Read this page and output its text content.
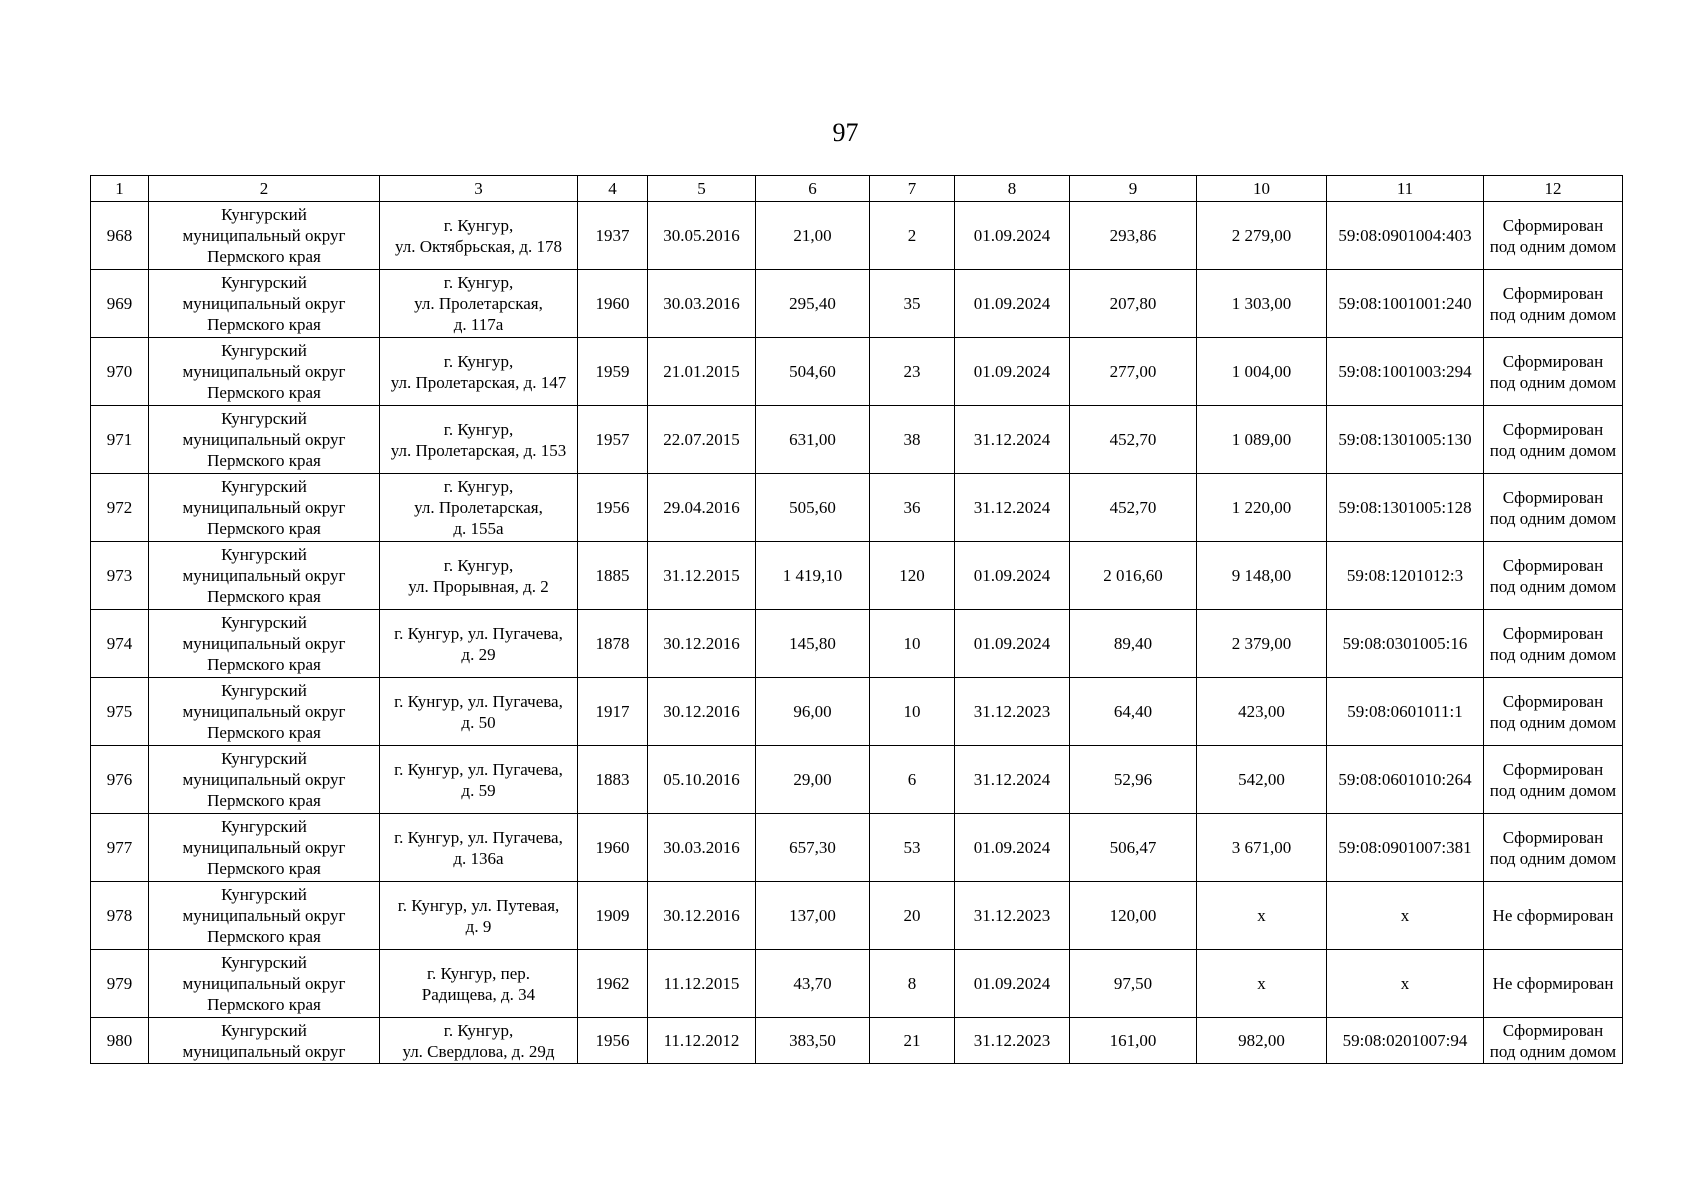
97
1	2	3	4	5	6	7	8	9	10	11	12
968	Кунгурский
муниципальный округ
Пермского края	г. Кунгур,
ул. Октябрьская, д. 178	1937	30.05.2016	21,00	2	01.09.2024	293,86	2 279,00	59:08:0901004:403	Сформирован
под одним домом

969	Кунгурский
муниципальный округ
Пермского края	г. Кунгур,
ул. Пролетарская,
д. 117а	1960	30.03.2016	295,40	35	01.09.2024	207,80	1 303,00	59:08:1001001:240	Сформирован
под одним домом

970	Кунгурский
муниципальный округ
Пермского края	г. Кунгур,
ул. Пролетарская, д. 147	1959	21.01.2015	504,60	23	01.09.2024	277,00	1 004,00	59:08:1001003:294	Сформирован
под одним домом

971	Кунгурский
муниципальный округ
Пермского края	г. Кунгур,
ул. Пролетарская, д. 153	1957	22.07.2015	631,00	38	31.12.2024	452,70	1 089,00	59:08:1301005:130	Сформирован
под одним домом

972	Кунгурский
муниципальный округ
Пермского края	г. Кунгур,
ул. Пролетарская,
д. 155а	1956	29.04.2016	505,60	36	31.12.2024	452,70	1 220,00	59:08:1301005:128	Сформирован
под одним домом

973	Кунгурский
муниципальный округ
Пермского края	г. Кунгур,
ул. Прорывная, д. 2	1885	31.12.2015	1 419,10	120	01.09.2024	2 016,60	9 148,00	59:08:1201012:3	Сформирован
под одним домом

974	Кунгурский
муниципальный округ
Пермского края	г. Кунгур, ул. Пугачева,
д. 29	1878	30.12.2016	145,80	10	01.09.2024	89,40	2 379,00	59:08:0301005:16	Сформирован
под одним домом

975	Кунгурский
муниципальный округ
Пермского края	г. Кунгур, ул. Пугачева,
д. 50	1917	30.12.2016	96,00	10	31.12.2023	64,40	423,00	59:08:0601011:1	Сформирован
под одним домом

976	Кунгурский
муниципальный округ
Пермского края	г. Кунгур, ул. Пугачева,
д. 59	1883	05.10.2016	29,00	6	31.12.2024	52,96	542,00	59:08:0601010:264	Сформирован
под одним домом

977	Кунгурский
муниципальный округ
Пермского края	г. Кунгур, ул. Пугачева,
д. 136а	1960	30.03.2016	657,30	53	01.09.2024	506,47	3 671,00	59:08:0901007:381	Сформирован
под одним домом

978	Кунгурский
муниципальный округ
Пермского края	г. Кунгур, ул. Путевая,
д. 9	1909	30.12.2016	137,00	20	31.12.2023	120,00	х	х	Не сформирован

979	Кунгурский
муниципальный округ
Пермского края	г. Кунгур, пер.
Радищева, д. 34	1962	11.12.2015	43,70	8	01.09.2024	97,50	х	х	Не сформирован

980	Кунгурский
муниципальный округ	г. Кунгур,
ул. Свердлова, д. 29д	1956	11.12.2012	383,50	21	31.12.2023	161,00	982,00	59:08:0201007:94	Сформирован
под одним домом
